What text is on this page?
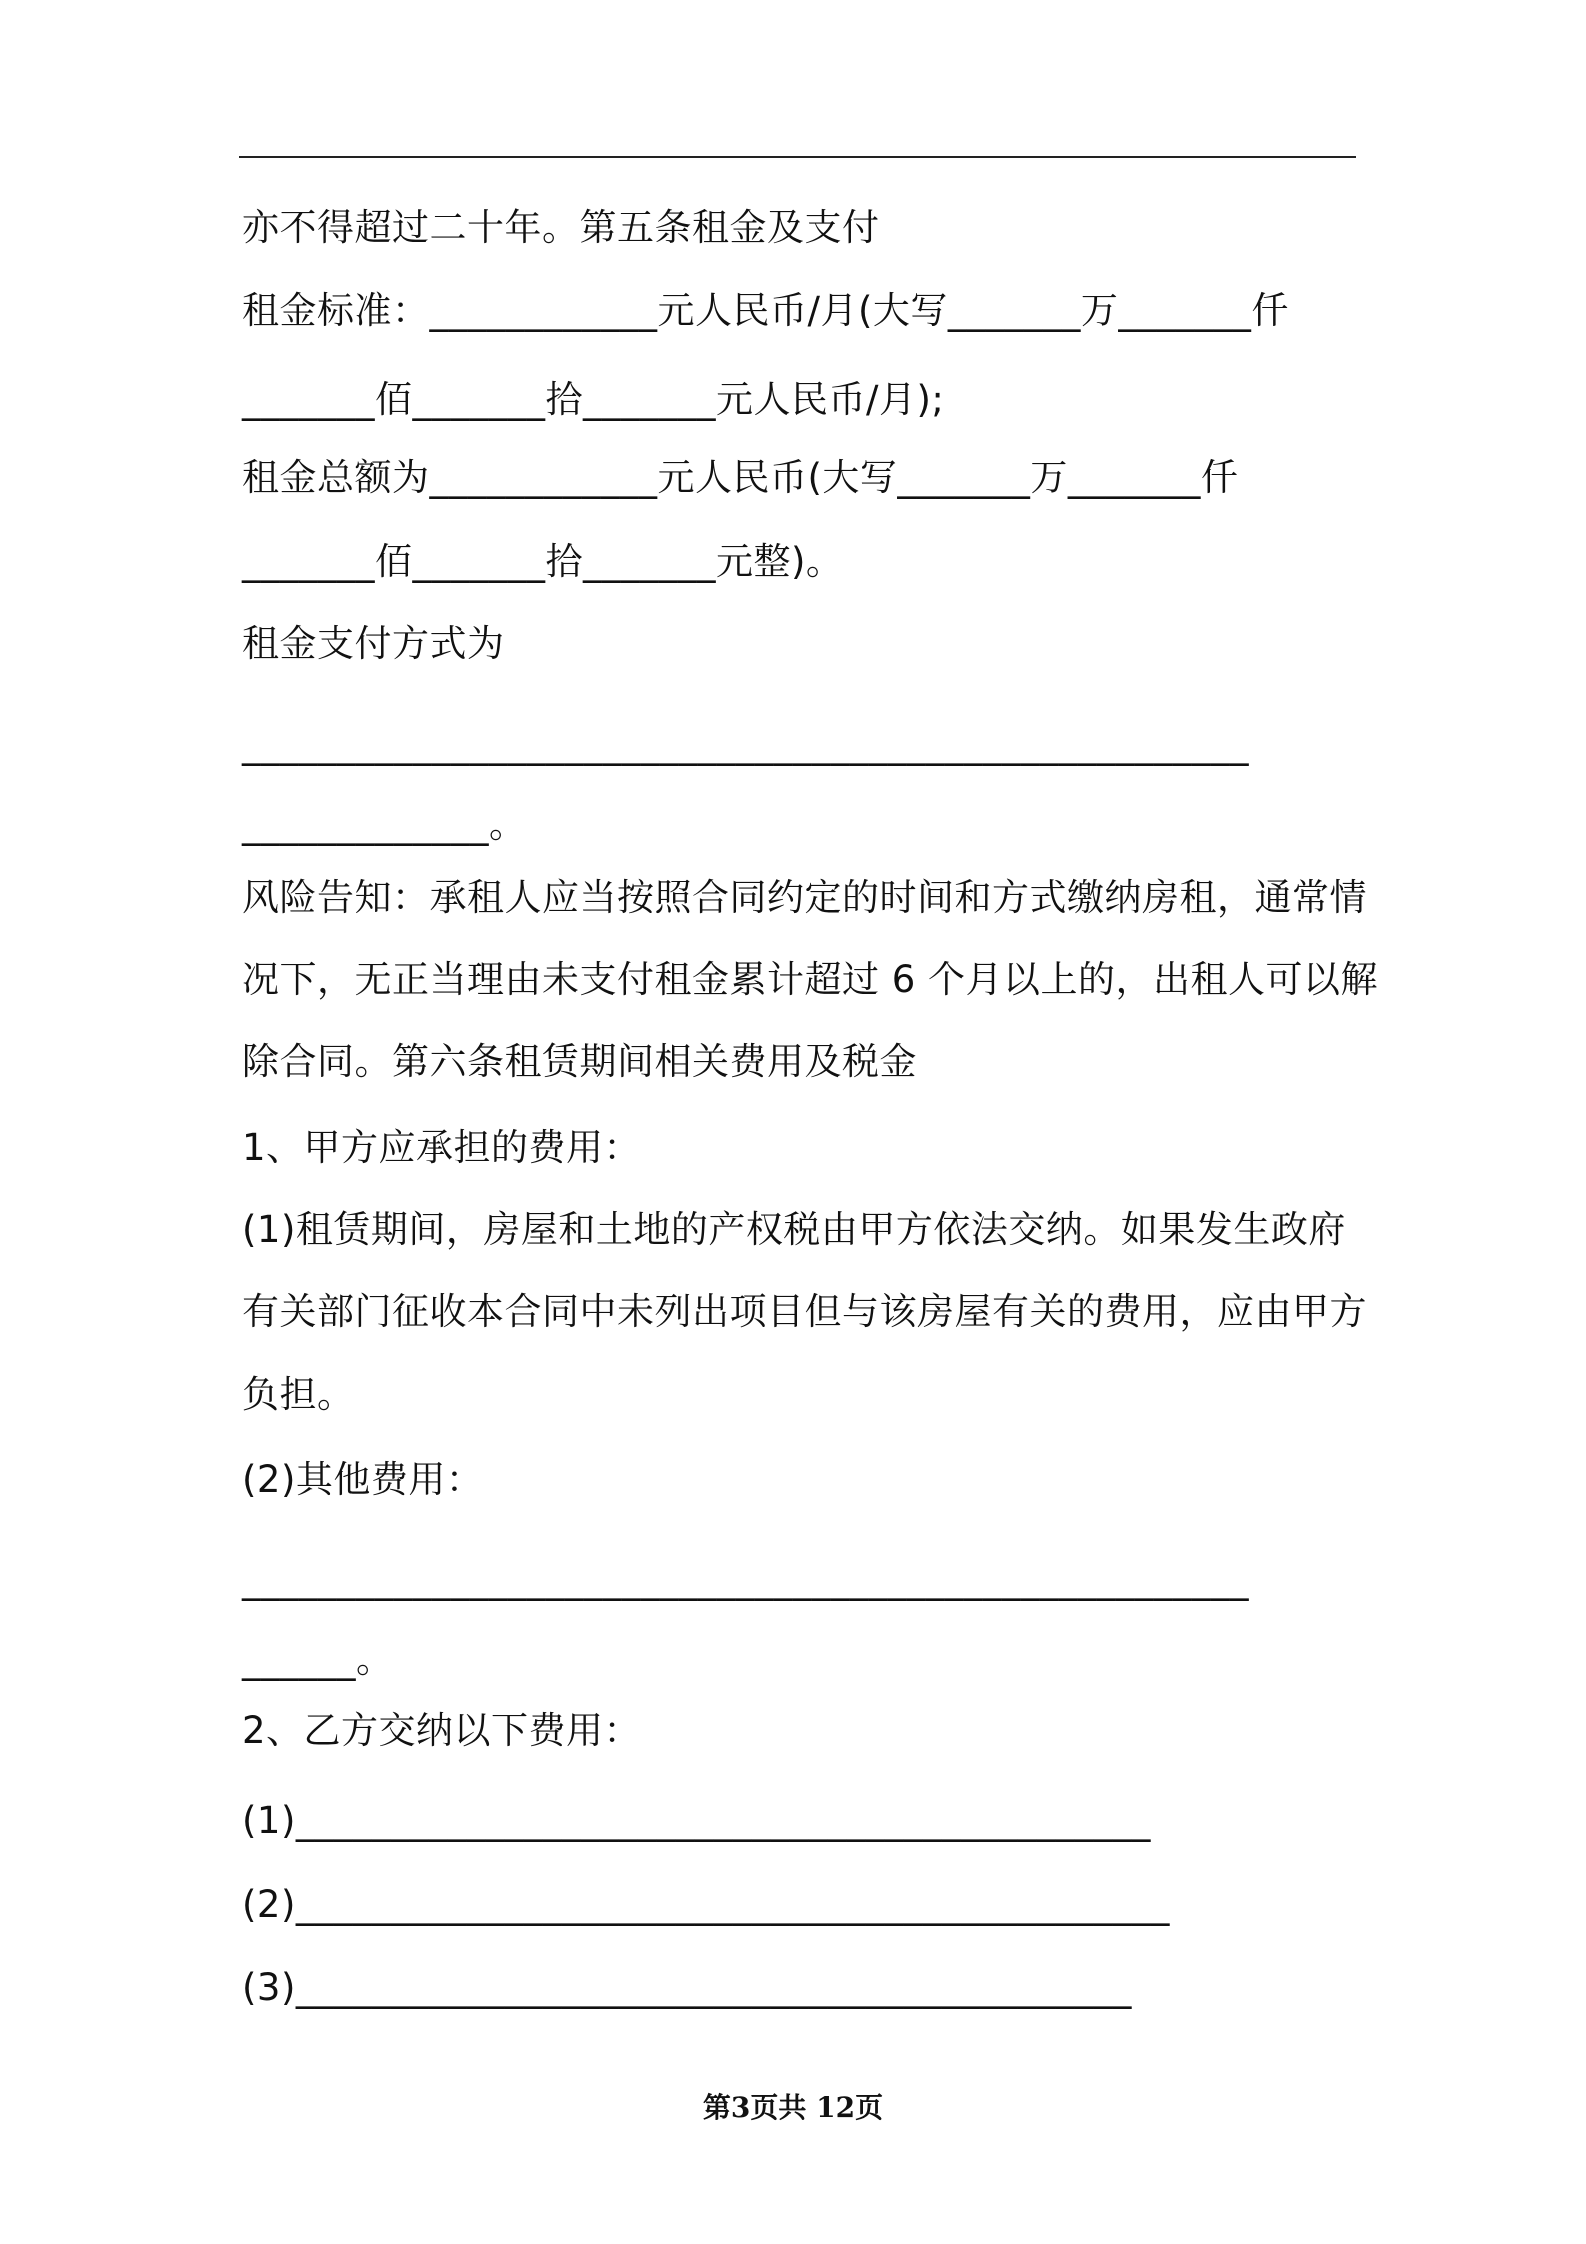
亦不得超过二十年。第五条租金及支付
租金标准：____________元人民币/月(大写_______万_______仟
_______佰_______拾_______元人民币/月);
租金总额为____________元人民币(大写_______万_______仟
_______佰_______拾_______元整)。
租金支付方式为
_____________________________________________________
_____________。
风险告知：承租人应当按照合同约定的时间和方式缴纳房租，通常情
况下，无正当理由未支付租金累计超过 6 个月以上的，出租人可以解
除合同。第六条租赁期间相关费用及税金
1、甲方应承担的费用：
(1)租赁期间，房屋和土地的产权税由甲方依法交纳。如果发生政府
有关部门征收本合同中未列出项目但与该房屋有关的费用，应由甲方
负担。
(2)其他费用：
_____________________________________________________
______。
2、乙方交纳以下费用：
(1)_____________________________________________
(2)______________________________________________
(3)____________________________________________
第3页共 12页
